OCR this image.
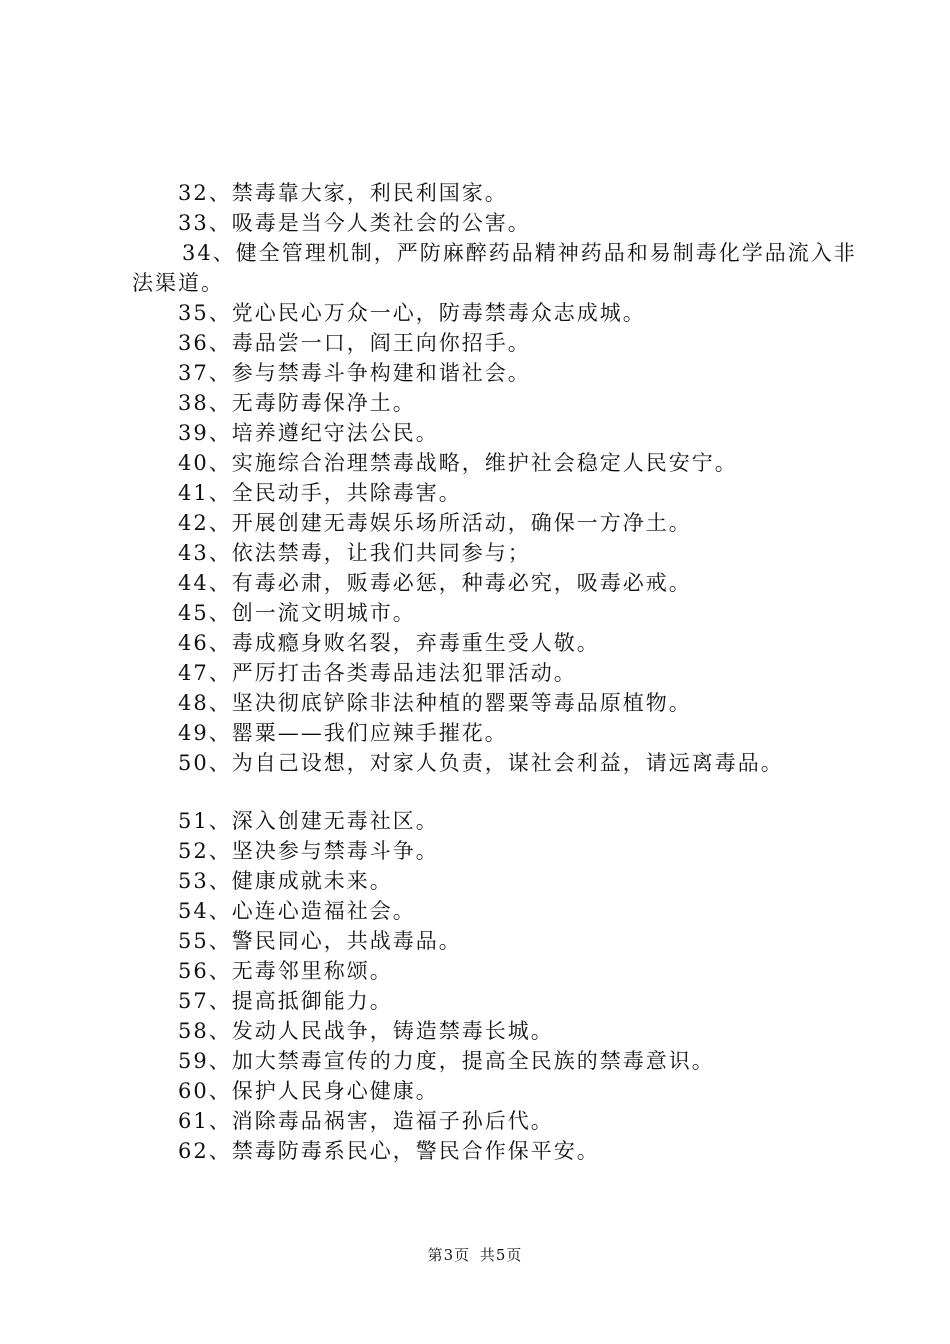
32、禁毒靠大家，利民利国家。
33、吸毒是当今人类社会的公害。
34、健全管理机制，严防麻醉药品精神药品和易制毒化学品流入非法渠道。
35、党心民心万众一心，防毒禁毒众志成城。
36、毒品尝一口，阎王向你招手。
37、参与禁毒斗争构建和谐社会。
38、无毒防毒保净土。
39、培养遵纪守法公民。
40、实施综合治理禁毒战略，维护社会稳定人民安宁。
41、全民动手，共除毒害。
42、开展创建无毒娱乐场所活动，确保一方净土。
43、依法禁毒，让我们共同参与；
44、有毒必肃，贩毒必惩，种毒必究，吸毒必戒。
45、创一流文明城市。
46、毒成瘾身败名裂，弃毒重生受人敬。
47、严厉打击各类毒品违法犯罪活动。
48、坚决彻底铲除非法种植的罂粟等毒品原植物。
49、罂粟——我们应辣手摧花。
50、为自己设想，对家人负责，谋社会利益，请远离毒品。
51、深入创建无毒社区。
52、坚决参与禁毒斗争。
53、健康成就未来。
54、心连心造福社会。
55、警民同心，共战毒品。
56、无毒邻里称颂。
57、提高抵御能力。
58、发动人民战争，铸造禁毒长城。
59、加大禁毒宣传的力度，提高全民族的禁毒意识。
60、保护人民身心健康。
61、消除毒品祸害，造福子孙后代。
62、禁毒防毒系民心，警民合作保平安。
第3页 共5页
